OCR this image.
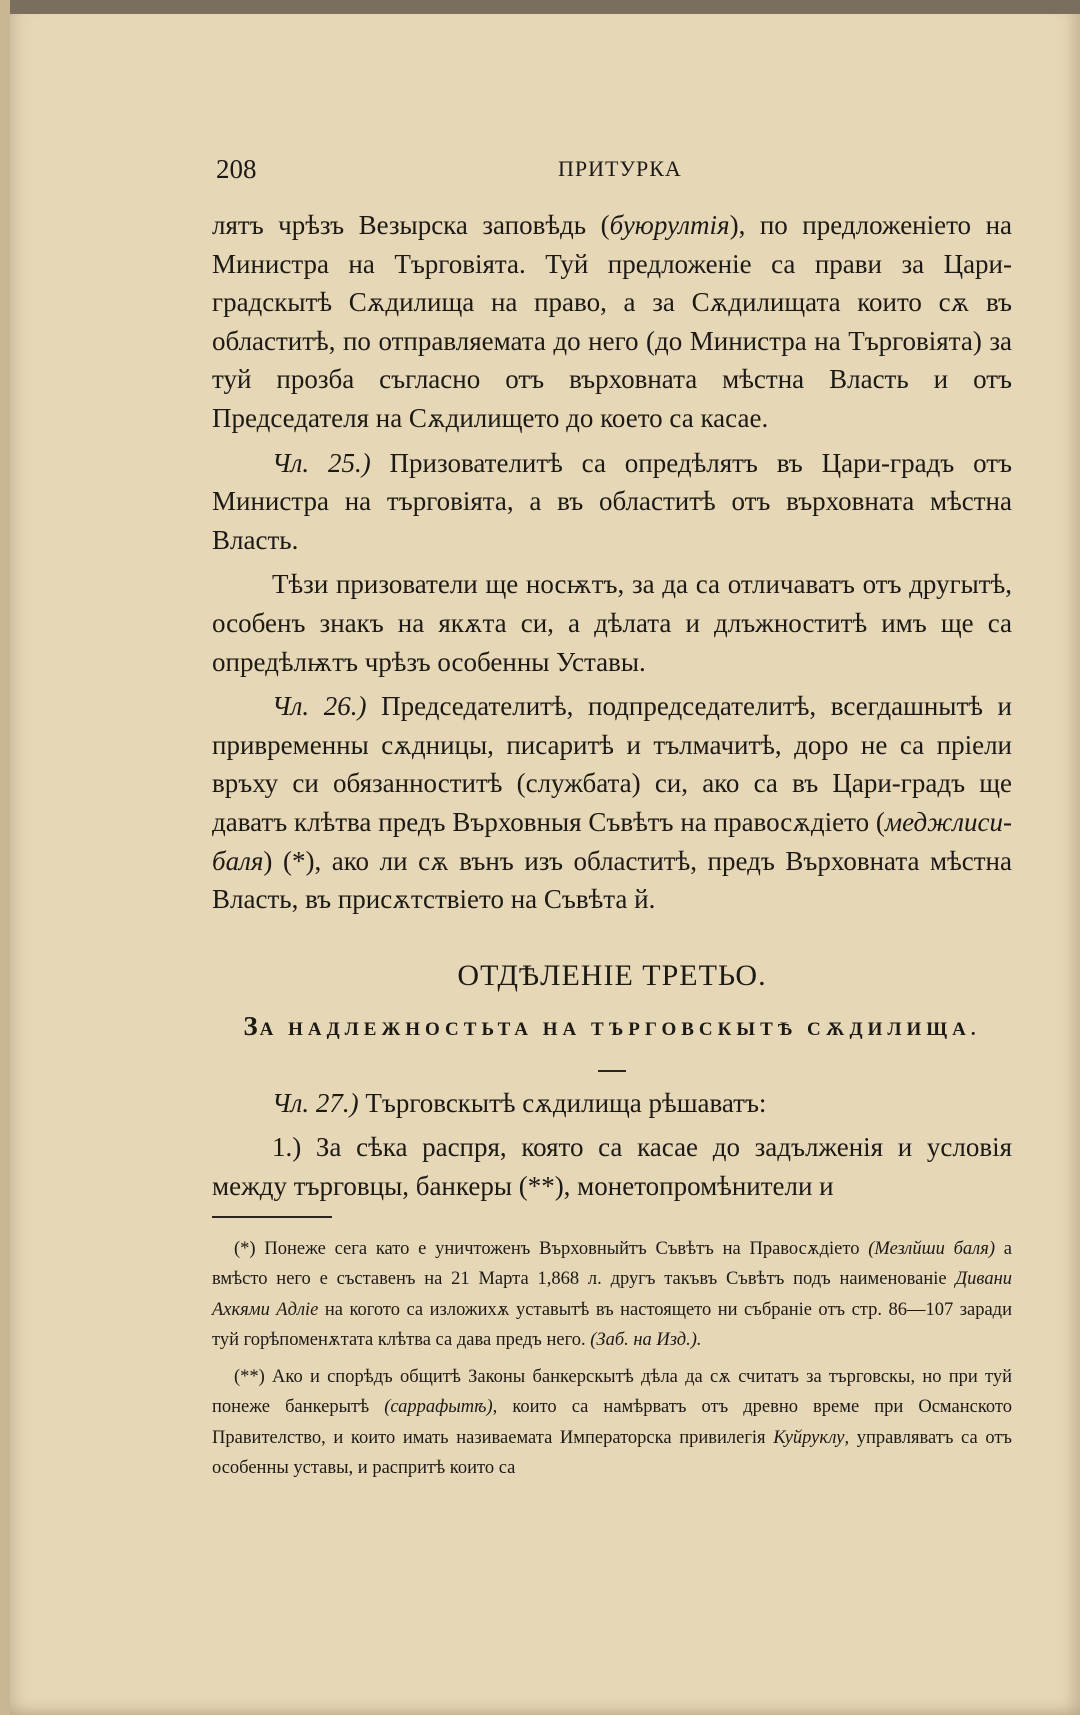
208	ПРИТУРКА

лятъ чрѣзъ Везырска заповѣдь (буюрултія), по предложеніето на Министра на Търговіята. Туй предложеніе са прави за Цари-градскытѣ Сѫдилища на право, а за Сѫдилищата които сѫ въ областитѣ, по отправляемата до него (до Министра на Търговіята) за туй прозба съгласно отъ върховната мѣстна Власть и отъ Председателя на Сѫдилището до което са касае.

Чл. 25.) Призователитѣ са опредѣлятъ въ Цари-градъ отъ Министра на търговіята, а въ областитѣ отъ върховната мѣстна Власть.

Тѣзи призователи ще носѭтъ, за да са отличаватъ отъ другытѣ, особенъ знакъ на якѫта си, а дѣлата и длъжноститѣ имъ ще са опредѣлѭтъ чрѣзъ особенны Уставы.

Чл. 26.) Председателитѣ, подпредседателитѣ, всегдашнытѣ и привременны сѫдницы, писаритѣ и тълмачитѣ, доро не са пріели връху си обязанноститѣ (службата) си, ако са въ Цари-градъ ще даватъ клѣтва предъ Върховныя Съвѣтъ на правосѫдіето (меджлиси-баля) (*), ако ли сѫ вънъ изъ областитѣ, предъ Върховната мѣстна Власть, въ присѫтствіето на Съвѣта й.

ОТДѢЛЕНІЕ ТРЕТЬО.
ЗА НАДЛЕЖНОСТЬТА НА ТЪРГОВСКЫТѢ СѪДИЛИЩА.

Чл. 27.) Търговскытѣ сѫдилища рѣшаватъ:

1.) За сѣка распря, която са касае до задълженія и условія между търговцы, банкеры (**), монетопромѣнители и

(*) Понеже сега като е уничтоженъ Върховныйтъ Съвѣтъ на Правосѫдіето (Мезлйши баля) а вмѣсто него е съставенъ на 21 Марта 1,868 л. другъ такъвъ Съвѣтъ подъ наименованіе Дивани Ахкями Адліе на когото са изложихѫ уставытѣ въ настоящето ни събраніе отъ стр. 86—107 заради туй горѣпоменѫтата клѣтва са дава предъ него. (Заб. на Изд.).

(**) Ако и спорѣдъ общитѣ Законы банкерскытѣ дѣла да сѫ считатъ за търговскы, но при туй понеже банкерытѣ (саррафытѣ), които са намѣрватъ отъ древно време при Османското Правителство, и които имать називаемата Императорска привилегія Куйруклу, управляватъ са отъ особенны уставы, и распритѣ които са
